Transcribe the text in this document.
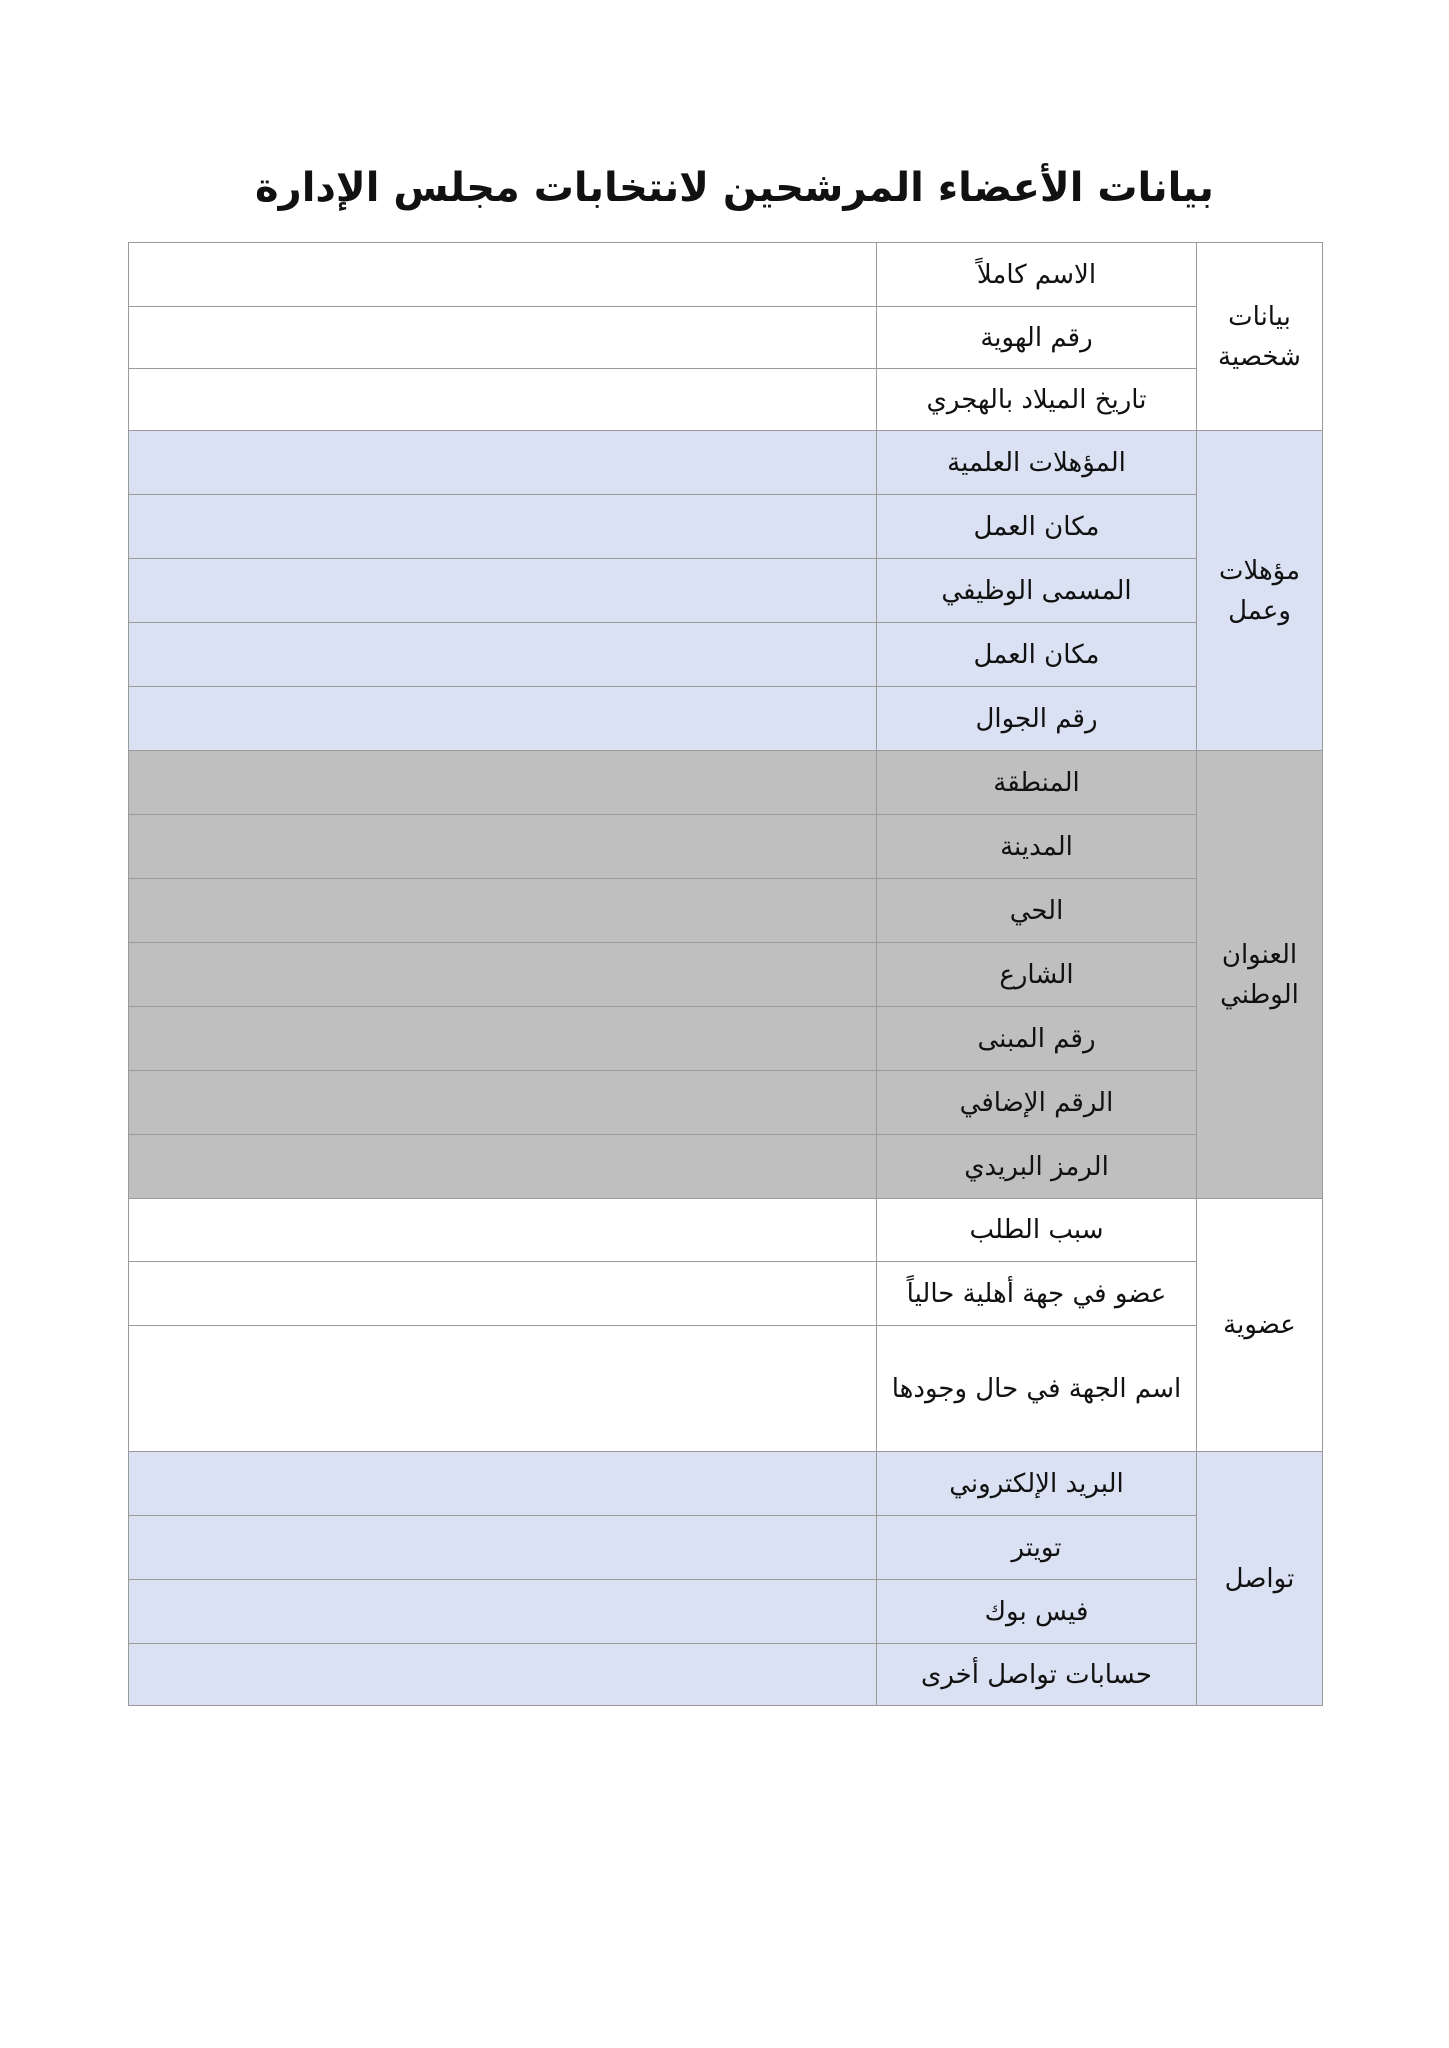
بيانات الأعضاء المرشحين لانتخابات مجلس الإدارة
بيانات
شخصية	الاسم كاملاً	
	رقم الهوية	
	تاريخ الميلاد بالهجري	

مؤهلات
وعمل	المؤهلات العلمية	
	مكان العمل	
	المسمى الوظيفي	
	مكان العمل	
	رقم الجوال	

العنوان
الوطني	المنطقة	
	المدينة	
	الحي	
	الشارع	
	رقم المبنى	
	الرقم الإضافي	
	الرمز البريدي	

عضوية	سبب الطلب	
	عضو في جهة أهلية حالياً	
	اسم الجهة في حال وجودها	

تواصل	البريد الإلكتروني	
	تويتر	
	فيس بوك	
	حسابات تواصل أخرى	
